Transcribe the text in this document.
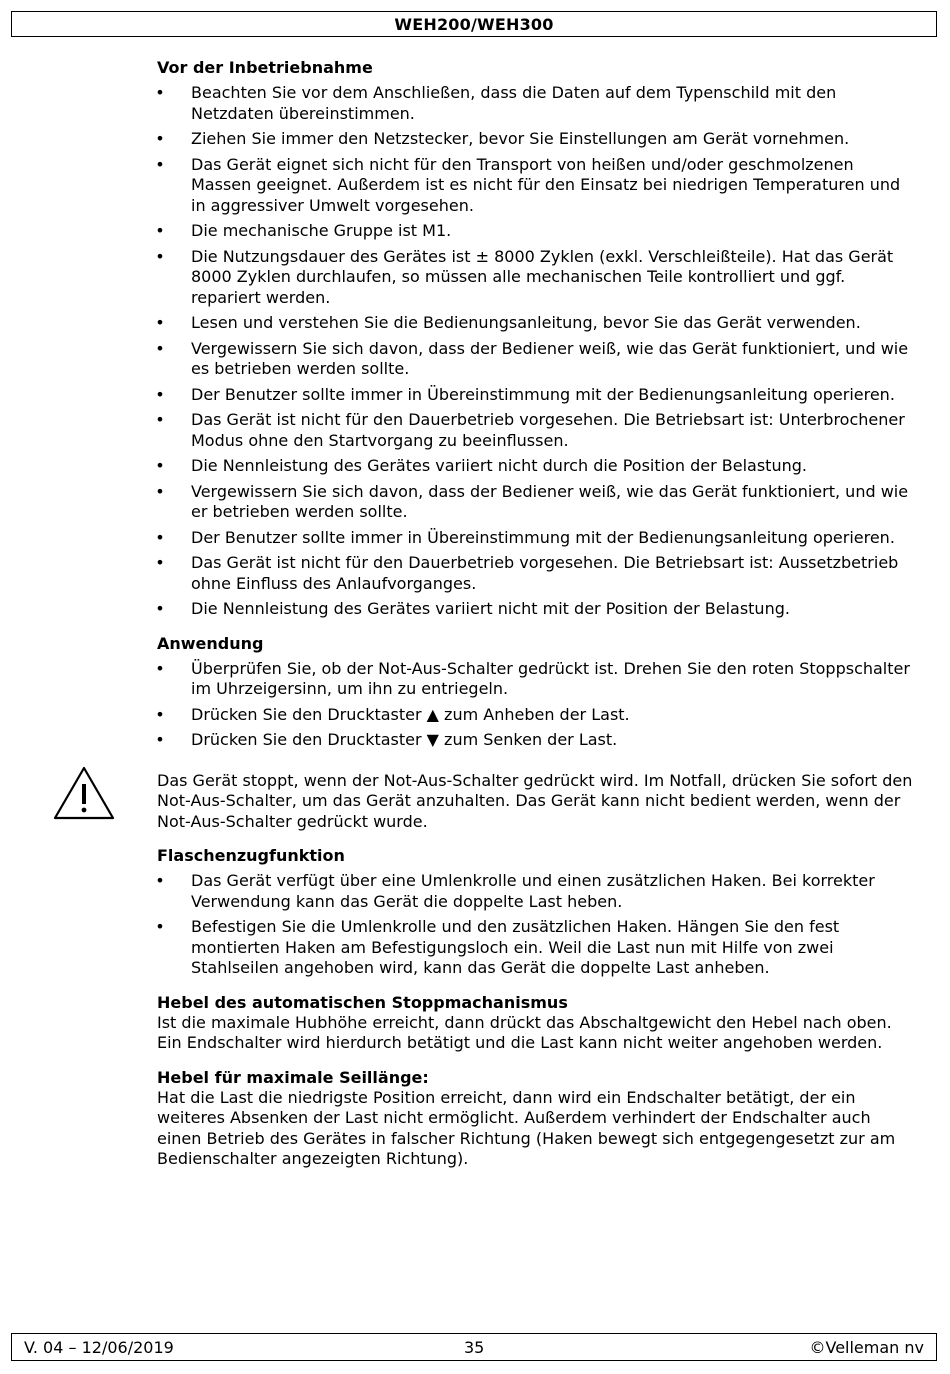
WEH200/WEH300
Vor der Inbetriebnahme
• Beachten Sie vor dem Anschließen, dass die Daten auf dem Typenschild mit den Netzdaten übereinstimmen.
• Ziehen Sie immer den Netzstecker, bevor Sie Einstellungen am Gerät vornehmen.
• Das Gerät eignet sich nicht für den Transport von heißen und/oder geschmolzenen Massen geeignet. Außerdem ist es nicht für den Einsatz bei niedrigen Temperaturen und in aggressiver Umwelt vorgesehen.
• Die mechanische Gruppe ist M1.
• Die Nutzungsdauer des Gerätes ist ± 8000 Zyklen (exkl. Verschleißteile). Hat das Gerät 8000 Zyklen durchlaufen, so müssen alle mechanischen Teile kontrolliert und ggf. repariert werden.
• Lesen und verstehen Sie die Bedienungsanleitung, bevor Sie das Gerät verwenden.
• Vergewissern Sie sich davon, dass der Bediener weiß, wie das Gerät funktioniert, und wie es betrieben werden sollte.
• Der Benutzer sollte immer in Übereinstimmung mit der Bedienungsanleitung operieren.
• Das Gerät ist nicht für den Dauerbetrieb vorgesehen. Die Betriebsart ist: Unterbrochener Modus ohne den Startvorgang zu beeinflussen.
• Die Nennleistung des Gerätes variiert nicht durch die Position der Belastung.
• Vergewissern Sie sich davon, dass der Bediener weiß, wie das Gerät funktioniert, und wie er betrieben werden sollte.
• Der Benutzer sollte immer in Übereinstimmung mit der Bedienungsanleitung operieren.
• Das Gerät ist nicht für den Dauerbetrieb vorgesehen. Die Betriebsart ist: Aussetzbetrieb ohne Einfluss des Anlaufvorganges.
• Die Nennleistung des Gerätes variiert nicht mit der Position der Belastung.
Anwendung
• Überprüfen Sie, ob der Not-Aus-Schalter gedrückt ist. Drehen Sie den roten Stoppschalter im Uhrzeigersinn, um ihn zu entriegeln.
• Drücken Sie den Drucktaster ▲ zum Anheben der Last.
• Drücken Sie den Drucktaster ▼ zum Senken der Last.

Das Gerät stoppt, wenn der Not-Aus-Schalter gedrückt wird. Im Notfall, drücken Sie sofort den Not-Aus-Schalter, um das Gerät anzuhalten. Das Gerät kann nicht bedient werden, wenn der Not-Aus-Schalter gedrückt wurde.

Flaschenzugfunktion
• Das Gerät verfügt über eine Umlenkrolle und einen zusätzlichen Haken. Bei korrekter Verwendung kann das Gerät die doppelte Last heben.
• Befestigen Sie die Umlenkrolle und den zusätzlichen Haken. Hängen Sie den fest montierten Haken am Befestigungsloch ein. Weil die Last nun mit Hilfe von zwei Stahlseilen angehoben wird, kann das Gerät die doppelte Last anheben.
Hebel des automatischen Stoppmachanismus

Ist die maximale Hubhöhe erreicht, dann drückt das Abschaltgewicht den Hebel nach oben. Ein Endschalter wird hierdurch betätigt und die Last kann nicht weiter angehoben werden.

Hebel für maximale Seillänge:

Hat die Last die niedrigste Position erreicht, dann wird ein Endschalter betätigt, der ein weiteres Absenken der Last nicht ermöglicht. Außerdem verhindert der Endschalter auch einen Betrieb des Gerätes in falscher Richtung (Haken bewegt sich entgegengesetzt zur am Bedienschalter angezeigten Richtung).

V. 04 – 12/06/2019	35	©Velleman nv
